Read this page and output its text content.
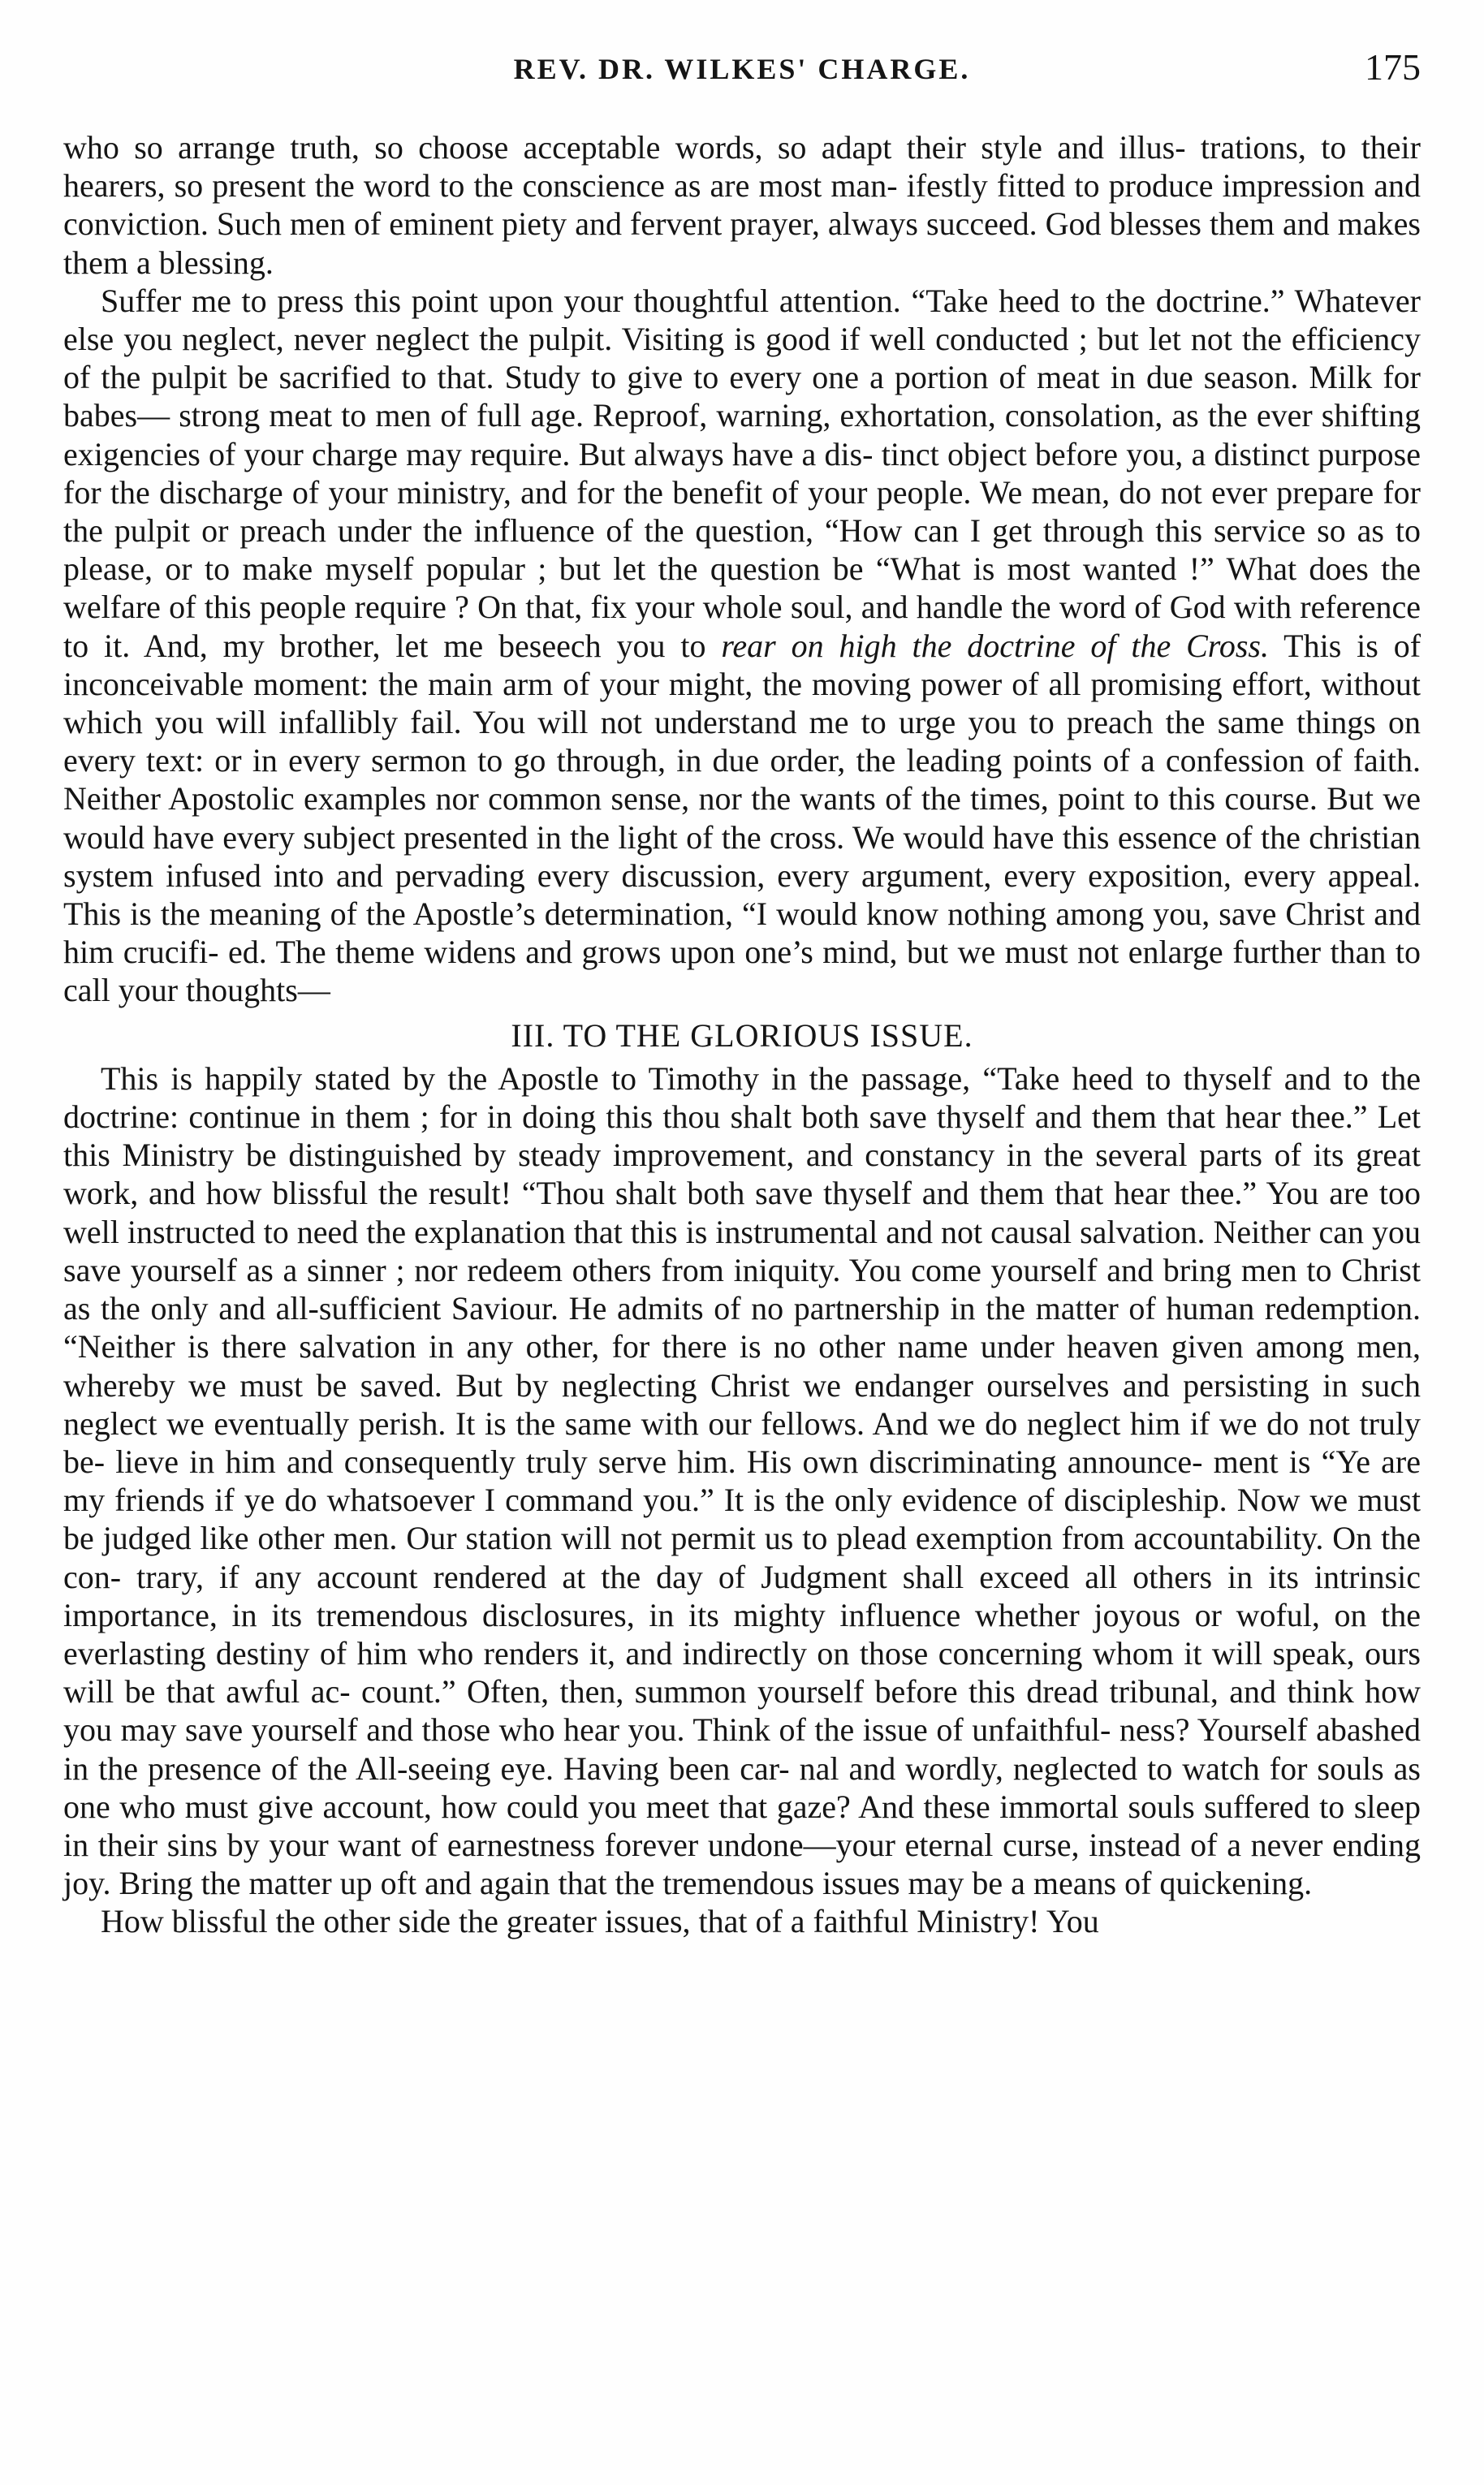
REV. DR. WILKES' CHARGE.	175

who so arrange truth, so choose acceptable words, so adapt their style and illus- trations, to their hearers, so present the word to the conscience as are most man- ifestly fitted to produce impression and conviction. Such men of eminent piety and fervent prayer, always succeed. God blesses them and makes them a blessing.

Suffer me to press this point upon your thoughtful attention. “Take heed to the doctrine.” Whatever else you neglect, never neglect the pulpit. Visiting is good if well conducted ; but let not the efficiency of the pulpit be sacrified to that. Study to give to every one a portion of meat in due season. Milk for babes— strong meat to men of full age. Reproof, warning, exhortation, consolation, as the ever shifting exigencies of your charge may require. But always have a dis- tinct object before you, a distinct purpose for the discharge of your ministry, and for the benefit of your people. We mean, do not ever prepare for the pulpit or preach under the influence of the question, “How can I get through this service so as to please, or to make myself popular ; but let the question be “What is most wanted !” What does the welfare of this people require ? On that, fix your whole soul, and handle the word of God with reference to it. And, my brother, let me beseech you to rear on high the doctrine of the Cross. This is of inconceivable moment: the main arm of your might, the moving power of all promising effort, without which you will infallibly fail. You will not understand me to urge you to preach the same things on every text: or in every sermon to go through, in due order, the leading points of a confession of faith. Neither Apostolic examples nor common sense, nor the wants of the times, point to this course. But we would have every subject presented in the light of the cross. We would have this essence of the christian system infused into and pervading every discussion, every argument, every exposition, every appeal. This is the meaning of the Apostle’s determination, “I would know nothing among you, save Christ and him crucifi- ed. The theme widens and grows upon one’s mind, but we must not enlarge further than to call your thoughts—

III. TO THE GLORIOUS ISSUE.

This is happily stated by the Apostle to Timothy in the passage, “Take heed to thyself and to the doctrine: continue in them ; for in doing this thou shalt both save thyself and them that hear thee.” Let this Ministry be distinguished by steady improvement, and constancy in the several parts of its great work, and how blissful the result! “Thou shalt both save thyself and them that hear thee.” You are too well instructed to need the explanation that this is instrumental and not causal salvation. Neither can you save yourself as a sinner ; nor redeem others from iniquity. You come yourself and bring men to Christ as the only and all-sufficient Saviour. He admits of no partnership in the matter of human redemption. “Neither is there salvation in any other, for there is no other name under heaven given among men, whereby we must be saved. But by neglecting Christ we endanger ourselves and persisting in such neglect we eventually perish. It is the same with our fellows. And we do neglect him if we do not truly be- lieve in him and consequently truly serve him. His own discriminating announce- ment is “Ye are my friends if ye do whatsoever I command you.” It is the only evidence of discipleship. Now we must be judged like other men. Our station will not permit us to plead exemption from accountability. On the con- trary, if any account rendered at the day of Judgment shall exceed all others in its intrinsic importance, in its tremendous disclosures, in its mighty influence whether joyous or woful, on the everlasting destiny of him who renders it, and indirectly on those concerning whom it will speak, ours will be that awful ac- count.” Often, then, summon yourself before this dread tribunal, and think how you may save yourself and those who hear you. Think of the issue of unfaithful- ness? Yourself abashed in the presence of the All-seeing eye. Having been car- nal and wordly, neglected to watch for souls as one who must give account, how could you meet that gaze? And these immortal souls suffered to sleep in their sins by your want of earnestness forever undone—your eternal curse, instead of a never ending joy. Bring the matter up oft and again that the tremendous issues may be a means of quickening.

How blissful the other side the greater issues, that of a faithful Ministry! You
